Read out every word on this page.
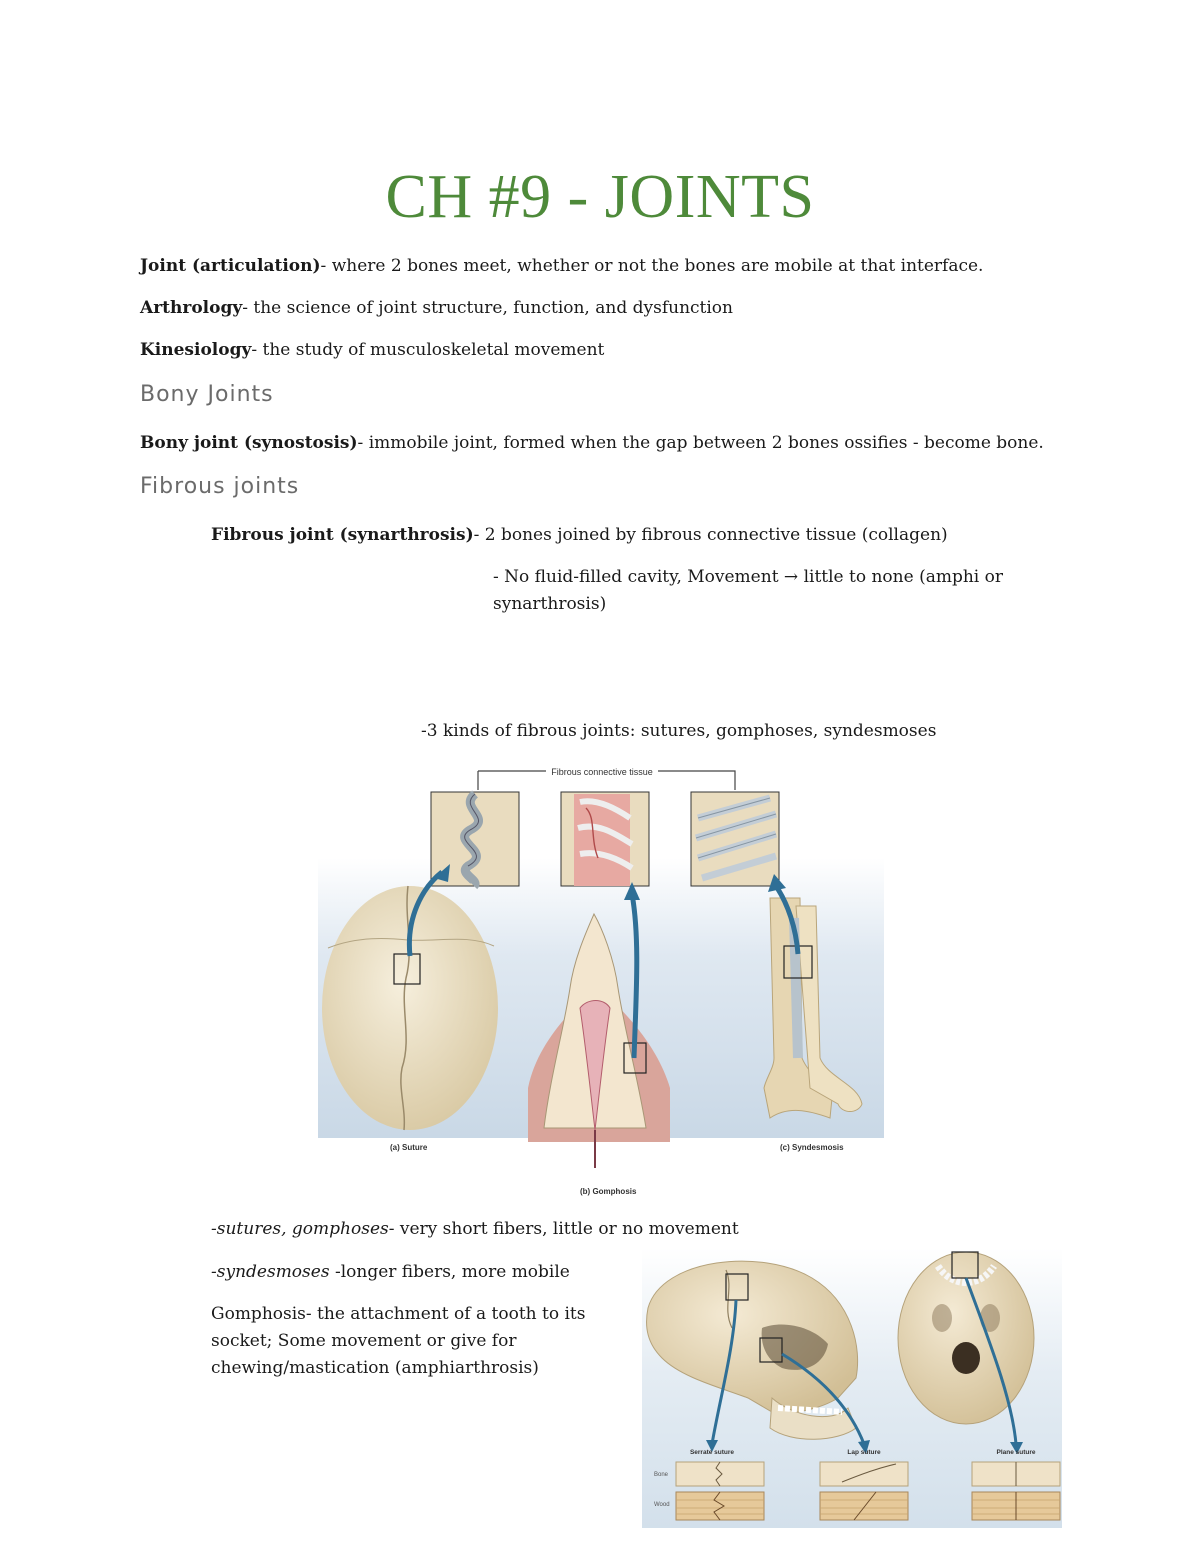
CH #9 - JOINTS
Joint (articulation)- where 2 bones meet, whether or not the bones are mobile at that interface.
Arthrology- the science of joint structure, function, and dysfunction
Kinesiology- the study of musculoskeletal movement
Bony Joints
Bony joint (synostosis)- immobile joint, formed when the gap between 2 bones ossifies - become bone.
Fibrous joints
Fibrous joint (synarthrosis)- 2 bones joined by fibrous connective tissue (collagen)
- No fluid-filled cavity, Movement → little to none (amphi or synarthrosis)
-3 kinds of fibrous joints: sutures, gomphoses, syndesmoses
Fibrous connective tissue
(a) Suture
(b) Gomphosis
(c) Syndesmosis
-sutures, gomphoses- very short fibers, little or no movement
-syndesmoses -longer fibers, more mobile
Gomphosis- the attachment of a tooth to its socket; Some movement or give for chewing/mastication (amphiarthrosis)
Serrate suture	Lap suture	Plane suture
Bone
Wood
